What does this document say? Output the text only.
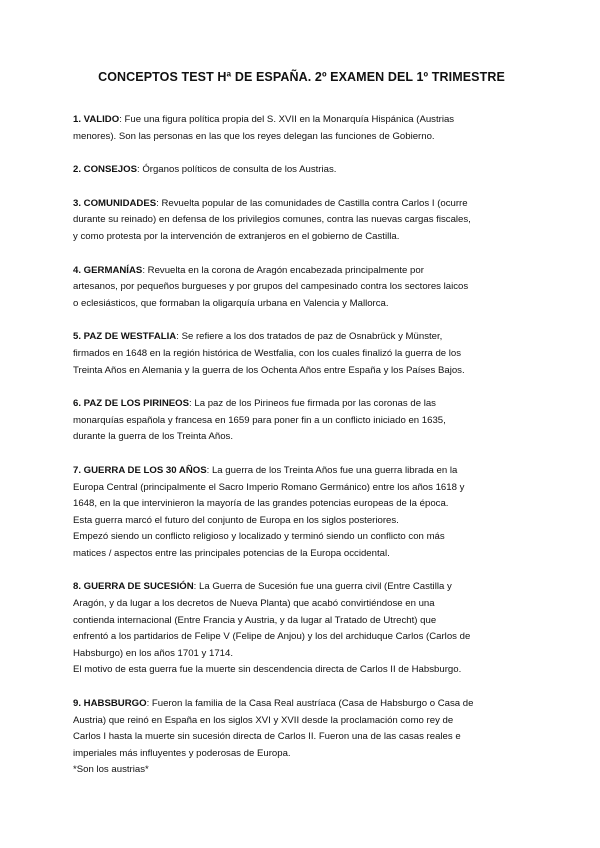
CONCEPTOS TEST Hª DE ESPAÑA. 2º EXAMEN DEL 1º TRIMESTRE
1. VALIDO: Fue una figura política propia del S. XVII en la Monarquía Hispánica (Austrias
menores). Son las personas en las que los reyes delegan las funciones de Gobierno.
2. CONSEJOS: Órganos políticos de consulta de los Austrias.
3. COMUNIDADES: Revuelta popular de las comunidades de Castilla contra Carlos I (ocurre
durante su reinado) en defensa de los privilegios comunes, contra las nuevas cargas fiscales,
y como protesta por la intervención de extranjeros en el gobierno de Castilla.
4. GERMANÍAS: Revuelta en la corona de Aragón encabezada principalmente por
artesanos, por pequeños burgueses y por grupos del campesinado contra los sectores laicos
o eclesiásticos, que formaban la oligarquía urbana en Valencia y Mallorca.
5. PAZ DE WESTFALIA: Se refiere a los dos tratados de paz de Osnabrück y Münster,
firmados en 1648 en la región histórica de Westfalia, con los cuales finalizó la guerra de los
Treinta Años en Alemania y la guerra de los Ochenta Años entre España y los Países Bajos.
6. PAZ DE LOS PIRINEOS: La paz de los Pirineos fue firmada por las coronas de las
monarquías española y francesa en 1659 para poner fin a un conflicto iniciado en 1635,
durante la guerra de los Treinta Años.
7. GUERRA DE LOS 30 AÑOS: La guerra de los Treinta Años fue una guerra librada en la
Europa Central (principalmente el Sacro Imperio Romano Germánico) entre los años 1618 y
1648, en la que intervinieron la mayoría de las grandes potencias europeas de la época.
Esta guerra marcó el futuro del conjunto de Europa en los siglos posteriores.
Empezó siendo un conflicto religioso y localizado y terminó siendo un conflicto con más
matices / aspectos entre las principales potencias de la Europa occidental.
8. GUERRA DE SUCESIÓN: La Guerra de Sucesión fue una guerra civil (Entre Castilla y
Aragón, y da lugar a los decretos de Nueva Planta) que acabó convirtiéndose en una
contienda internacional (Entre Francia y Austria, y da lugar al Tratado de Utrecht) que
enfrentó a los partidarios de Felipe V (Felipe de Anjou) y los del archiduque Carlos (Carlos de
Habsburgo) en los años 1701 y 1714.
El motivo de esta guerra fue la muerte sin descendencia directa de Carlos II de Habsburgo.
9. HABSBURGO: Fueron la familia de la Casa Real austríaca (Casa de Habsburgo o Casa de
Austria) que reinó en España en los siglos XVI y XVII desde la proclamación como rey de
Carlos I hasta la muerte sin sucesión directa de Carlos II. Fueron una de las casas reales e
imperiales más influyentes y poderosas de Europa.
*Son los austrias*
